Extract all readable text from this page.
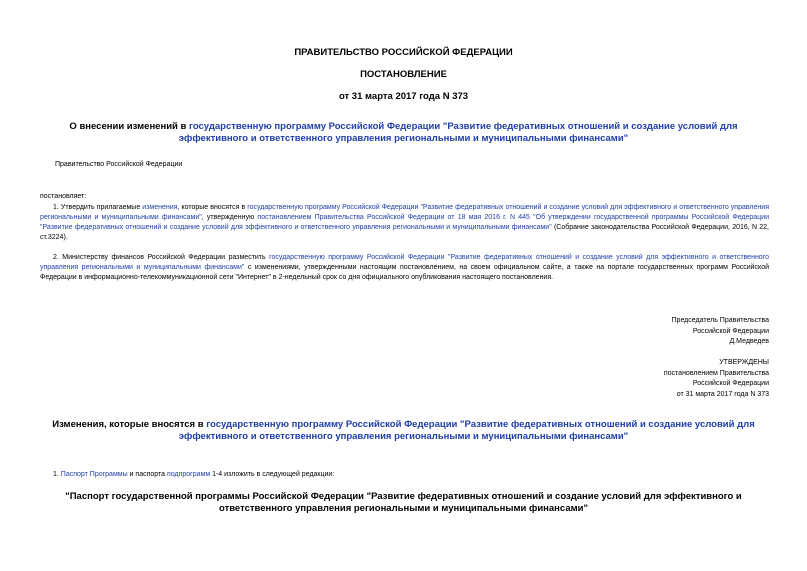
ПРАВИТЕЛЬСТВО РОССИЙСКОЙ ФЕДЕРАЦИИ
ПОСТАНОВЛЕНИЕ
от 31 марта 2017 года N 373
О внесении изменений в государственную программу Российской Федерации "Развитие федеративных отношений и создание условий для эффективного и ответственного управления региональными и муниципальными финансами"
Правительство Российской Федерации
постановляет:
1. Утвердить прилагаемые изменения, которые вносятся в государственную программу Российской Федерации "Развитие федеративных отношений и создание условий для эффективного и ответственного управления региональными и муниципальными финансами", утвержденную постановлением Правительства Российской Федерации от 18 мая 2016 г. N 445 "Об утверждении государственной программы Российской Федерации "Развитие федеративных отношений и создание условий для эффективного и ответственного управления региональными и муниципальными финансами" (Собрание законодательства Российской Федерации, 2016, N 22, ст.3224).
2. Министерству финансов Российской Федерации разместить государственную программу Российской Федерации "Развитие федеративных отношений и создание условий для эффективного и ответственного управления региональными и муниципальными финансами" с изменениями, утвержденными настоящим постановлением, на своем официальном сайте, а также на портале государственных программ Российской Федерации в информационно-телекоммуникационной сети "Интернет" в 2-недельный срок со дня официального опубликования настоящего постановления.
Председатель Правительства
Российской Федерации
Д.Медведев
УТВЕРЖДЕНЫ
постановлением Правительства
Российской Федерации
от 31 марта 2017 года N 373
Изменения, которые вносятся в государственную программу Российской Федерации "Развитие федеративных отношений и создание условий для эффективного и ответственного управления региональными и муниципальными финансами"
1. Паспорт Программы и паспорта подпрограмм 1-4 изложить в следующей редакции:
"Паспорт государственной программы Российской Федерации "Развитие федеративных отношений и создание условий для эффективного и ответственного управления региональными и муниципальными финансами"
